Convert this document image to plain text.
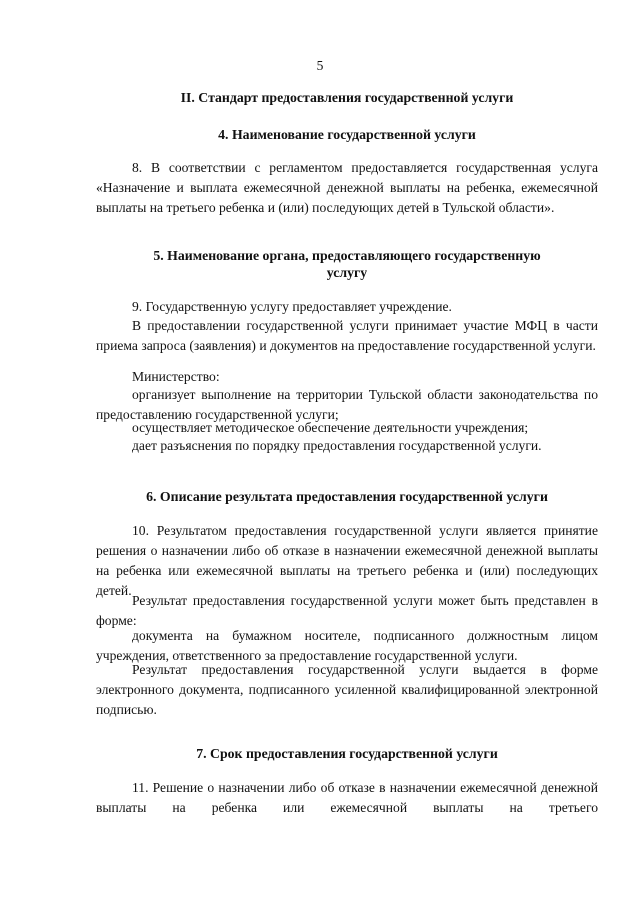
5
II. Стандарт предоставления государственной услуги
4. Наименование государственной услуги

8. В соответствии с регламентом предоставляется государственная услуга «Назначение и выплата ежемесячной денежной выплаты на ребенка, ежемесячной выплаты на третьего ребенка и (или) последующих детей в Тульской области».

5. Наименование органа, предоставляющего государственную
услугу

9. Государственную услугу предоставляет учреждение.

В предоставлении государственной услуги принимает участие МФЦ в части приема запроса (заявления) и документов на предоставление государственной услуги.

Министерство:

организует выполнение на территории Тульской области законодательства по предоставлению государственной услуги;

осуществляет методическое обеспечение деятельности учреждения;

дает разъяснения по порядку предоставления государственной услуги.

6. Описание результата предоставления государственной услуги

10. Результатом предоставления государственной услуги является принятие решения о назначении либо об отказе в назначении ежемесячной денежной выплаты на ребенка или ежемесячной выплаты на третьего ребенка и (или) последующих детей.

Результат предоставления государственной услуги может быть представлен в форме:

документа на бумажном носителе, подписанного должностным лицом учреждения, ответственного за предоставление государственной услуги.

Результат предоставления государственной услуги выдается в форме электронного документа, подписанного усиленной квалифицированной электронной подписью.

7. Срок предоставления государственной услуги

11. Решение о назначении либо об отказе в назначении ежемесячной денежной выплаты на ребенка или ежемесячной выплаты на третьего
